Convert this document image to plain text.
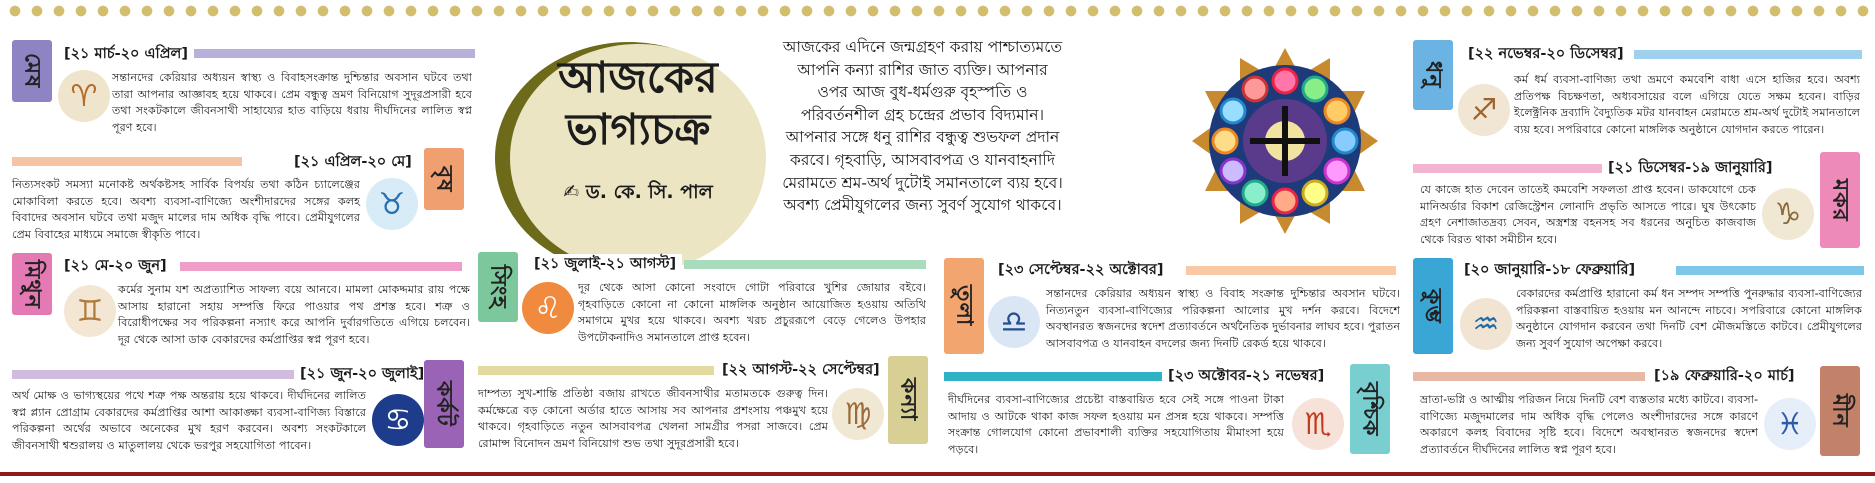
আজকের ভাগ্যচক্র
✍ ড. কে. সি. পাল
আজকের এদিনে জন্মগ্রহণ করায় পাশ্চাত্যমতে আপনি কন্যা রাশির জাত ব্যক্তি। আপনার ওপর আজ বুধ-ধর্মগুরু বৃহস্পতি ও পরিবর্তনশীল গ্রহ চন্দ্রের প্রভাব বিদ্যমান। আপনার সঙ্গে ধনু রাশির বন্ধুত্ব শুভফল প্রদান করবে। গৃহবাড়ি, আসবাবপত্র ও যানবাহনাদি মেরামতে শ্রম-অর্থ দুটোই সমানতালে ব্যয় হবে। অবশ্য প্রেমীযুগলের জন্য সুবর্ণ সুযোগ থাকবে।
মেষ	[২১ মার্চ-২০ এপ্রিল]
♈
সন্তানদের কেরিয়ার অধ্যয়ন স্বাস্থ্য ও বিবাহসংক্রান্ত দুশ্চিন্তার অবসান ঘটবে তথা তারা আপনার আজ্ঞাবহ হয়ে থাকবে। প্রেম বন্ধুত্ব ভ্রমণ বিনিয়োগ সুদূরপ্রসারী হবে তথা সংকটকালে জীবনসাথী সাহায্যের হাত বাড়িয়ে ধরায় দীর্ঘদিনের লালিত স্বপ্ন পূরণ হবে।
[২১ এপ্রিল-২০ মে]
বৃষ
♉
নিত্যসংকট সমস্যা মনোকষ্ট অর্থকষ্টসহ সার্বিক বিপর্যয় তথা কঠিন চ্যালেঞ্জের মোকাবিলা করতে হবে। অবশ্য ব্যবসা-বাণিজ্যে অংশীদারদের সঙ্গের কলহ বিবাদের অবসান ঘটবে তথা মজুদ মালের দাম অধিক বৃদ্ধি পাবে। প্রেমীযুগলের প্রেম বিবাহের মাধ্যমে সমাজে স্বীকৃতি পাবে।
মিথুন	[২১ মে-২০ জুন]
♊
কর্মের সুনাম যশ অপ্রত্যাশিত সাফল্য বয়ে আনবে। মামলা মোকদ্দমার রায় পক্ষে আসায় হারানো সহায় সম্পত্তি ফিরে পাওয়ার পথ প্রশস্ত হবে। শত্রু ও বিরোধীপক্ষের সব পরিকল্পনা নস্যাৎ করে আপনি দুর্বারগতিতে এগিয়ে চলবেন। দূর থেকে আসা ডাক বেকারদের কর্মপ্রাপ্তির স্বপ্ন পূরণ হবে।
[২১ জুন-২০ জুলাই]
কর্কট
♋
অর্থ মোক্ষ ও ভাগ্যস্থয়ের পথে শত্রু পক্ষ অন্তরায় হয়ে থাকবে। দীর্ঘদিনের লালিত স্বপ্ন প্ল্যান প্রোগ্রাম বেকারদের কর্মপ্রাপ্তির আশা আকাঙ্ক্ষা ব্যবসা-বাণিজ্য বিস্তারে পরিকল্পনা অর্থের অভাবে অনেকের মুখ হরণ করবেন। অবশ্য সংকটকালে জীবনসাথী শ্বশুরালয় ও মাতুলালয় থেকে ভরপুর সহযোগিতা পাবেন।
সিংহ
[২১ জুলাই-২১ আগস্ট]
♌
দূর থেকে আসা কোনো সংবাদে গোটা পরিবারে খুশির জোয়ার বইবে। গৃহবাড়িতে কোনো না কোনো মাঙ্গলিক অনুষ্ঠান আয়োজিত হওয়ায় অতিথি সমাগমে মুখর হয়ে থাকবে। অবশ্য খরচ প্রচুররূপে বেড়ে গেলেও উপহার উপঢৌকনাদিও সমানতালে প্রাপ্ত হবেন।
[২২ আগস্ট-২২ সেপ্টেম্বর]
কন্যা
♍
দাম্পত্য সুখ-শান্তি প্রতিষ্ঠা বজায় রাখতে জীবনসাথীর মতামতকে গুরুত্ব দিন। কর্মক্ষেত্রে বড় কোনো অর্ডার হাতে আসায় সব আপনার প্রশংসায় পঞ্চমুখ হয়ে থাকবে। গৃহবাড়িতে নতুন আসবাবপত্র খেলনা সামগ্রীর পসরা সাজবে। প্রেম রোমান্স বিনোদন ভ্রমণ বিনিয়োগ শুভ তথা সুদূরপ্রসারী হবে।
তুলা
[২৩ সেপ্টেম্বর-২২ অক্টোবর]
♎
সন্তানদের কেরিয়ার অধ্যয়ন স্বাস্থ্য ও বিবাহ সংক্রান্ত দুশ্চিন্তার অবসান ঘটবে। নিত্যনতুন ব্যবসা-বাণিজ্যের পরিকল্পনা আলোর মুখ দর্শন করবে। বিদেশে অবস্থানরত স্বজনদের স্বদেশ প্রত্যাবর্তনে অর্থনৈতিক দুর্ভাবনার লাঘব হবে। পুরাতন আসবাবপত্র ও যানবাহন বদলের জন্য দিনটি রেকর্ড হয়ে থাকবে।
[২৩ অক্টোবর-২১ নভেম্বর]
বৃশ্চিক
♏
দীর্ঘদিনের ব্যবসা-বাণিজ্যের প্রচেষ্টা বাস্তবায়িত হবে সেই সঙ্গে পাওনা টাকা আদায় ও আটকে থাকা কাজ সফল হওয়ায় মন প্রসন্ন হয়ে থাকবে। সম্পত্তি সংক্রান্ত গোলযোগ কোনো প্রভাবশালী ব্যক্তির সহযোগিতায় মীমাংসা হয়ে পড়বে।
ধনু
[২২ নভেম্বর-২০ ডিসেম্বর]
♐
কর্ম ধর্ম ব্যবসা-বাণিজ্য তথা ভ্রমণে কমবেশি বাধা এসে হাজির হবে। অবশ্য প্রতিপক্ষ বিচক্ষণতা, অধ্যবসায়ের বলে এগিয়ে যেতে সক্ষম হবেন। বাড়ির ইলেক্ট্রনিক দ্রব্যাদি বৈদ্যুতিক মটর যানবাহন মেরামতে শ্রম-অর্থ দুটোই সমানতালে ব্যয় হবে। সপরিবারে কোনো মাঙ্গলিক অনুষ্ঠানে যোগদান করতে পারেন।
[২১ ডিসেম্বর-১৯ জানুয়ারি]
মকর
♑
যে কাজে হাত দেবেন তাতেই কমবেশি সফলতা প্রাপ্ত হবেন। ডাকযোগে চেক মানিঅর্ডার বিকাশ রেজিস্ট্রেশন লোনাদি প্রভৃতি আসতে পারে। ঘুষ উৎকোচ গ্রহণ নেশাজাতদ্রব্য সেবন, অস্ত্রশস্ত্র বহনসহ সব ধরনের অনুচিত কাজবাজ থেকে বিরত থাকা সমীচীন হবে।
কুম্ভ
[২০ জানুয়ারি-১৮ ফেব্রুয়ারি]
♒
বেকারদের কর্মপ্রাপ্তি হারানো কর্ম ধন সম্পদ সম্পত্তি পুনরুদ্ধার ব্যবসা-বাণিজ্যের পরিকল্পনা বাস্তবায়িত হওয়ায় মন আনন্দে নাচবে। সপরিবারে কোনো মাঙ্গলিক অনুষ্ঠানে যোগদান করবেন তথা দিনটি বেশ মৌজমস্তিতে কাটবে। প্রেমীযুগলের জন্য সুবর্ণ সুযোগ অপেক্ষা করবে।
[১৯ ফেব্রুয়ারি-২০ মার্চ]
মীন
♓
ভ্রাতা-ভগ্নি ও আত্মীয় পরিজন নিয়ে দিনটি বেশ ব্যস্ততার মধ্যে কাটবে। ব্যবসা-বাণিজ্যে মজুদমালের দাম অধিক বৃদ্ধি পেলেও অংশীদারদের সঙ্গে কারণে অকারণে কলহ বিবাদের সৃষ্টি হবে। বিদেশে অবস্থানরত স্বজনদের স্বদেশ প্রত্যাবর্তনে দীর্ঘদিনের লালিত স্বপ্ন পূরণ হবে।
